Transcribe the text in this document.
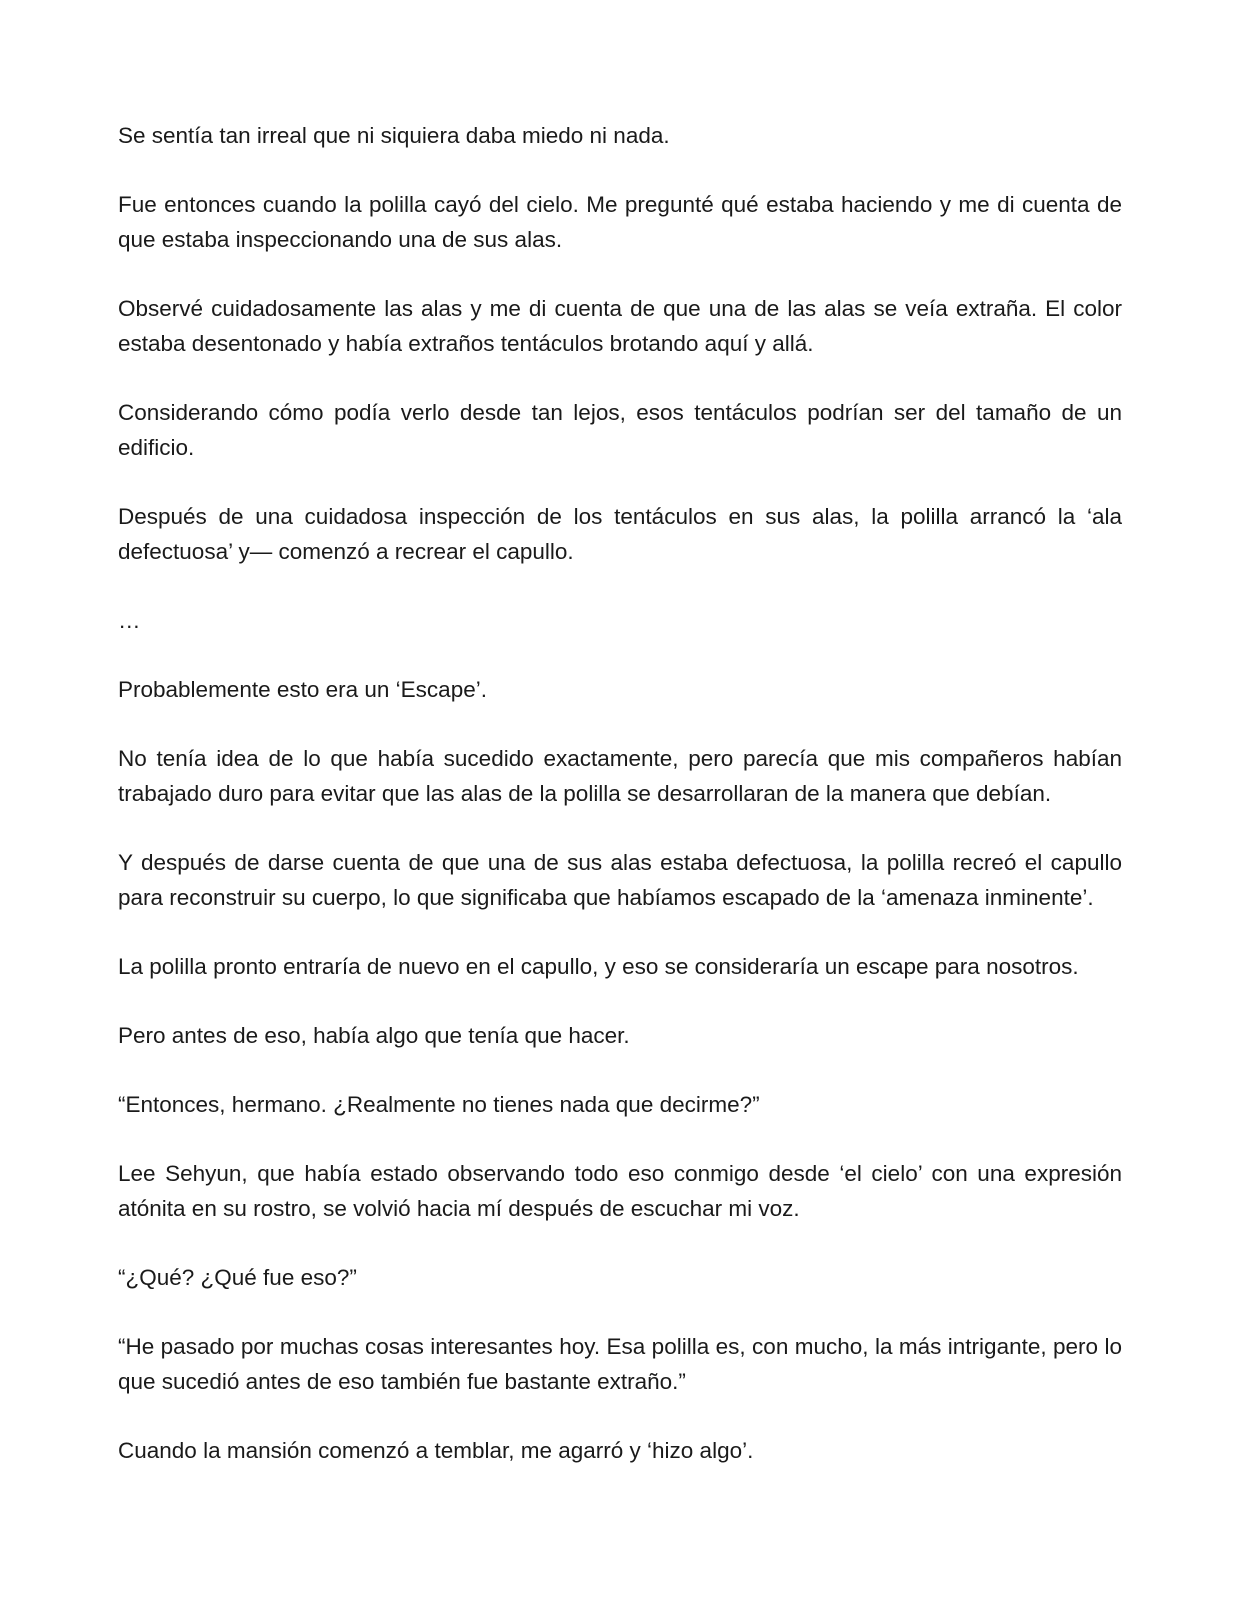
Se sentía tan irreal que ni siquiera daba miedo ni nada.

Fue entonces cuando la polilla cayó del cielo. Me pregunté qué estaba haciendo y me di cuenta de que estaba inspeccionando una de sus alas.

Observé cuidadosamente las alas y me di cuenta de que una de las alas se veía extraña. El color estaba desentonado y había extraños tentáculos brotando aquí y allá.

Considerando cómo podía verlo desde tan lejos, esos tentáculos podrían ser del tamaño de un edificio.

Después de una cuidadosa inspección de los tentáculos en sus alas, la polilla arrancó la ‘ala defectuosa’ y— comenzó a recrear el capullo.

…

Probablemente esto era un ‘Escape’.

No tenía idea de lo que había sucedido exactamente, pero parecía que mis compañeros habían trabajado duro para evitar que las alas de la polilla se desarrollaran de la manera que debían.

Y después de darse cuenta de que una de sus alas estaba defectuosa, la polilla recreó el capullo para reconstruir su cuerpo, lo que significaba que habíamos escapado de la ‘amenaza inminente’.

La polilla pronto entraría de nuevo en el capullo, y eso se consideraría un escape para nosotros.

Pero antes de eso, había algo que tenía que hacer.

“Entonces, hermano. ¿Realmente no tienes nada que decirme?”

Lee Sehyun, que había estado observando todo eso conmigo desde ‘el cielo’ con una expresión atónita en su rostro, se volvió hacia mí después de escuchar mi voz.

“¿Qué? ¿Qué fue eso?”

“He pasado por muchas cosas interesantes hoy. Esa polilla es, con mucho, la más intrigante, pero lo que sucedió antes de eso también fue bastante extraño.”

Cuando la mansión comenzó a temblar, me agarró y ‘hizo algo’.
